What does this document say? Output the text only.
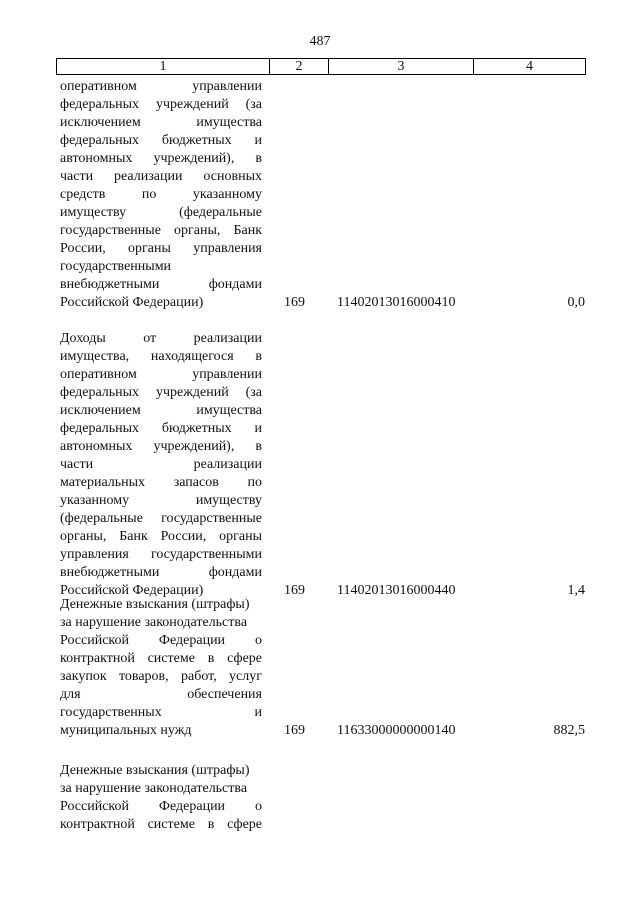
487
1	2	3	4
оперативном управлении
федеральных учреждений (за
исключением имущества
федеральных бюджетных и
автономных учреждений), в
части реализации основных
средств по указанному
имуществу (федеральные
государственные органы, Банк
России, органы управления
государственными
внебюджетными фондами
Российской Федерации)	169 11402013016000410	0,0
Доходы от реализации
имущества, находящегося в
оперативном управлении
федеральных учреждений (за
исключением имущества
федеральных бюджетных и
автономных учреждений), в
части реализации
материальных запасов по
указанному имуществу
(федеральные государственные
органы, Банк России, органы
управления государственными
внебюджетными фондами
Российской Федерации)	169 11402013016000440	1,4
Денежные взыскания (штрафы)
за нарушение законодательства
Российской Федерации о
контрактной системе в сфере
закупок товаров, работ, услуг
для обеспечения
государственных и
муниципальных нужд	169 11633000000000140	882,5
Денежные взыскания (штрафы)
за нарушение законодательства
Российской Федерации о
контрактной системе в сфере
